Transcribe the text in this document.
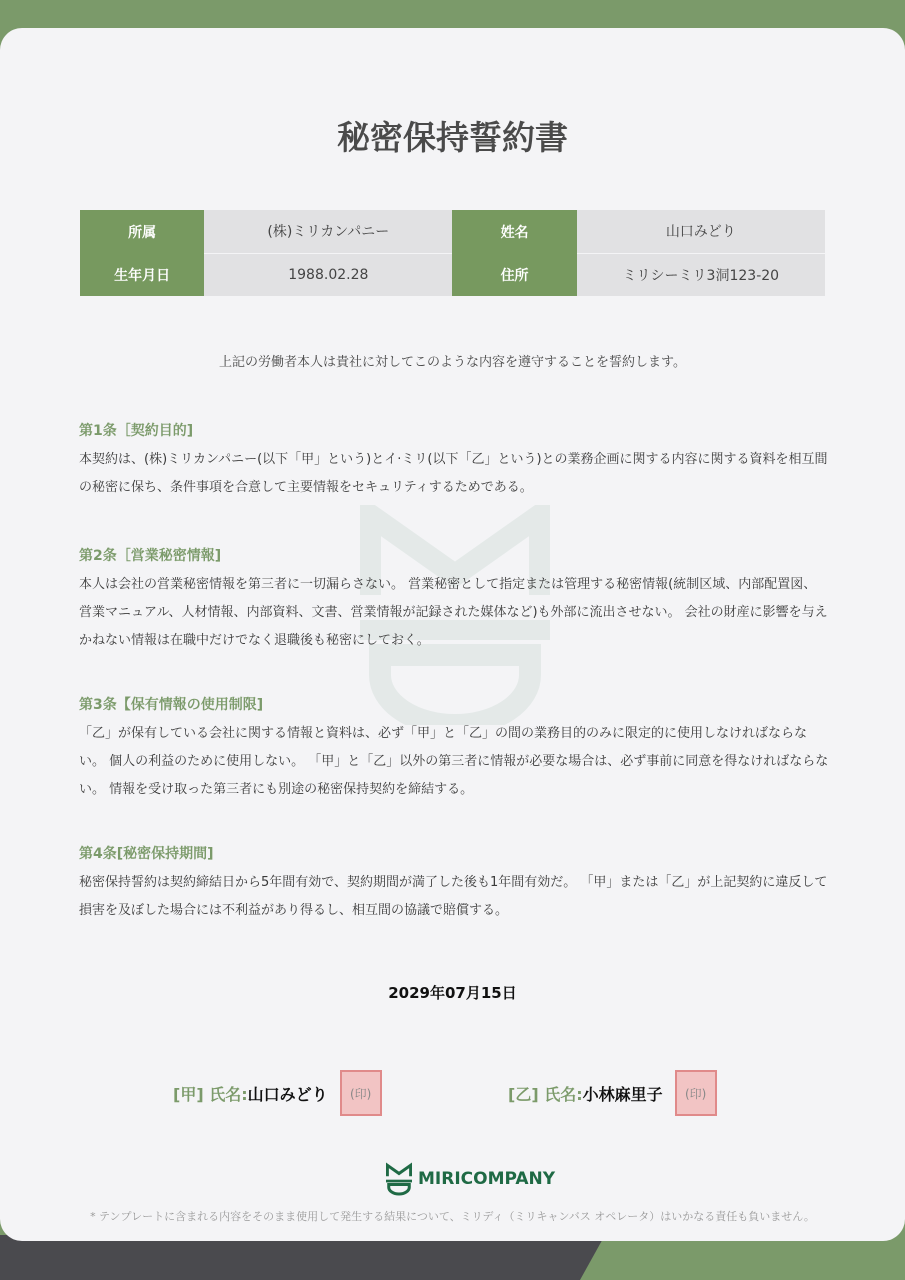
秘密保持誓約書
所属	(株)ミリカンパニー	姓名	山口みどり
生年月日	1988.02.28	住所	ミリシーミリ3洞123-20
上記の労働者本人は貴社に対してこのような内容を遵守することを誓約します。
第1条［契約目的]

本契約は、(株)ミリカンパニー(以下「甲」という)とイ·ミリ(以下「乙」という)との業務企画に関する内容に関する資料を相互間の秘密に保ち、条件事項を合意して主要情報をセキュリティするためである。

第2条［営業秘密情報]

本人は会社の営業秘密情報を第三者に一切漏らさない。 営業秘密として指定または管理する秘密情報(統制区域、内部配置図、営業マニュアル、人材情報、内部資料、文書、営業情報が記録された媒体など)も外部に流出させない。 会社の財産に影響を与えかねない情報は在職中だけでなく退職後も秘密にしておく。

第3条【保有情報の使用制限]

「乙」が保有している会社に関する情報と資料は、必ず「甲」と「乙」の間の業務目的のみに限定的に使用しなければならない。 個人の利益のために使用しない。 「甲」と「乙」以外の第三者に情報が必要な場合は、必ず事前に同意を得なければならない。 情報を受け取った第三者にも別途の秘密保持契約を締結する。

第4条[秘密保持期間]

秘密保持誓約は契約締結日から5年間有効で、契約期間が満了した後も1年間有効だ。 「甲」または「乙」が上記契約に違反して損害を及ぼした場合には不利益があり得るし、相互間の協議で賠償する。

2029年07月15日
[甲] 氏名: 山口みどり (印)	[乙] 氏名: 小林麻里子 (印)
MIRICOMPANY
* テンプレートに含まれる内容をそのまま使用して発生する結果について、ミリディ（ミリキャンバス オペレータ）はいかなる責任も負いません。
